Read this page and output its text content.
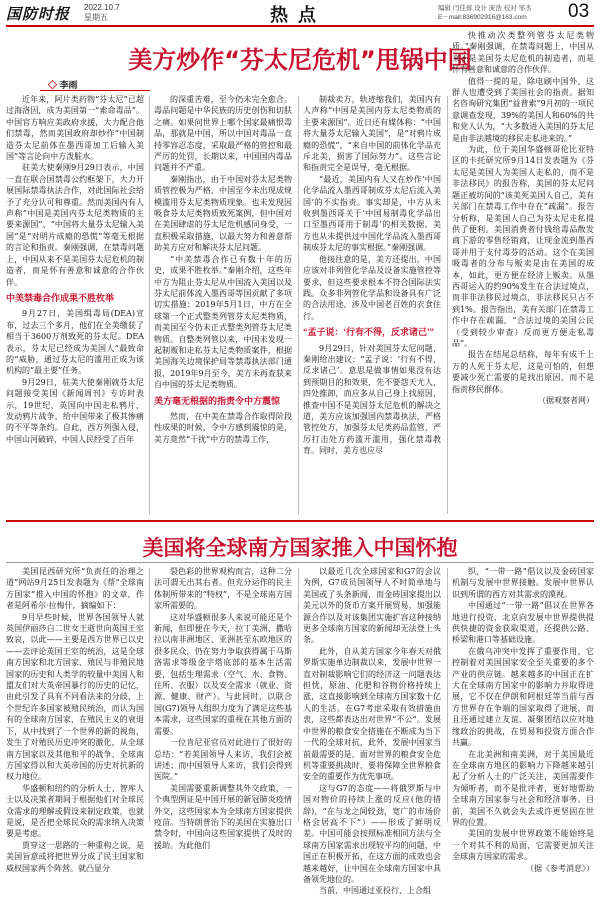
国防时报 2022.10.7
星期五	热点	编辑 闫佳蓉 设计 庞浩 校对 邹杰
E－mail:836902916@163.com 03
美方炒作“芬太尼危机”甩锅中国
◇ 李雨

近年来，阿片类药物“芬太尼”已超过海洛因，成为美国第一“索命毒品”。中国官方响应美政府求援，大力配合他们禁毒，然而美国政府却炒作“中国制造芬太尼前体在墨西哥加工后输入美国”等言论向中方泼脏水。

驻美大使秦刚9月29日表示，中国一直在联合国禁毒公约框架下，大力开展国际禁毒执法合作，对此国际社会给予了充分认可和尊重。然而美国内有人声称“中国是美国内芬太尼类物质的主要来源国”、“中国将大量芬太尼输入美国”是“对明片成瘾的恐慌”等毫无根据的言论和指责。秦刚强调，在禁毒问题上，中国从来不是美国芬太尼危机的制造者，而是怀有善意和诚意的合作伙伴。

中美禁毒合作成果不胜枚举

9月27日，美国缉毒局(DEA)宣布，过去三个多月，他们在全美缴获了相当于3600万剂致死的芬太尼。DEA表示，芬太尼已经成为美国人“最致命的”威胁，通过芬太尼的滥用正成为该机构的“最主要”任务。

9月29日，驻美大使秦刚就芬太尼问题接受美国《新闻周刊》专访时表示，19世纪，英国向中国走私鸦片，发动鸦片战争，给中国带来了极其惨痛的不平等条约。自此，西方列强入侵，中国山河破碎，中国人民经受了百年

的深重苦难，至今仍未完全愈合。毒品问题是中华民族的历史创伤和切肤之痛。如果问世界上哪个国家最痛恨毒品，那就是中国，所以中国对毒品一直持零容忍态度，采取最严格的管控和最严厉的处罚，长期以来，中国国内毒品问题并不严重。

秦刚指出，由于中国对芬太尼类物质管控极为严格，中国至今未出现成规模滥用芬太尼类物质现象。也未发现因吸食芬太尼类物质致死案例，但中国对在美国肆虐的芬太尼危机感同身受，一直积极采取措施，以最大努力和善意帮助美方应对和解决芬太尼问题。

“中美禁毒合作已有数十年的历史，成果不胜枚举。”秦刚介绍，这些年中方为阻止芬太尼从中国流入美国以及芬太尼前体流入墨西哥等国贡献了多项切实措施：2019年5月1日，中方在全球第一个正式整类列管芬太尼类物质，而美国至今仍未正式整类列管芬太尼类物质。自整类列管以来，中国未发现一起制贩和走私芬太尼类物质案件，根据美国海关边境保护局等禁毒执法部门通报，2019年9月至今，美方未再查获来自中国的芬太尼类物质。

美方毫无根据的指责令中方震惊

然而，在中美在禁毒合作取得阶段性成果的时候，令中方感到震惊的是，美方竟然“干扰”中方的禁毒工作，

制裁卖方，轨迹缩我们，美国内有人声称“中国是美国内芬太尼类物质的主要来源国”。近日还有媒体称：“中国将大量芬太尼输入美国”，是“对鸦片成瘾的恐慌”，“来自中国的前体化学品充斥北美，损害了国际努力”。这些言论和指责完全是误导，毫无根据。

“最近，美国内有人又在炒作‘中国化学品流入墨西哥制成芬太尼后流入美国’的不实指责。事实却是，中方从未收到墨西哥关于‘中国易制毒化学品出口至墨西哥用于制毒’的相关数据。美方也从未提供过中国化学品流入墨西哥制成芬太尼的事实根据。”秦刚强调。

他接往意的是，美方还提出，中国应该对非列管化学品及设备实施管控等要求，但这些要求根本不符合国际法实践。众多非列管化学品和设备具有广泛的合法用途，涉及中国老百姓的衣食住行。

“孟子说：‘行有不得，反求诸己’”

9月29日，针对美国芬太尼问题，秦刚给出建议：“孟子说：‘行有不得，反求诸己’。意思是做事情如果没有达到预期目的和效果，先不要怨天尤人，四处推卸，而应多从自己身上找原因，推查中国不是美国芬太尼危机的解决之道，美方应该加强国内禁毒执法，严格管控处方，加强芬太尼类药品监管，严厉打击处方药滥开滥用，强化禁毒教育。同时，美方也应尽

快推动次类整列管芬太尼类物质。”秦刚强调，在禁毒问题上，中国从来不是美国芬太尼危机的制造者，而是怀有善意和诚意的合作伙伴。

值得一提的是，除电刷中国外，这群人也遭受到了美国社会的指责。据知名咨询研究集团“益普索”9月初的一项民意调查发现，39%的美国人和60%的共和党人认为，“大多数进入美国的芬太尼是由非法越境的移民走私进来的。”

为此，位于美国华盛顿哥伦比亚特区的卡托研究所9月14日发表题为《芬太尼是美国人为美国人走私的，而不是非法移民》的报告称，美国的芬太尼问题正被坊间的“该美死美国人自己，美有关部门在禁毒工作中存在“疏漏”。报告分析称，是美国人自己为芬太尼走私提供了便利。美国消费者付钱给毒品散发商下游的零售经销商，让现金流到墨西哥并用于支付毒芬的活动。这个在美国吸毒者的分布与贩卖是由在美国的成本，如此，更方便在经济上贩卖。从墨西哥运入的约90%发生在合法过境点，而非非法移民过境点，非法移民只占不到1%。报告指出，美有关部门在禁毒工作中存在疏漏，“合法过境的美国公民（受到较少审查）反而更方便走私毒品”。

报告在结尾总结称，每年有成千上万的人死于芬太尼，这是可怕的，但想要减少死亡需要的是找出原因，而不是指责移民群体。

（据观察者网）

美国将全球南方国家推入中国怀抱

美国昆西研究所“负责任的治理之道”网站9月25日发表题为《帮“全球南方国家”推入中国的怀抱》的文章，作者是阿希尔·拉梅什，摘编如下：

9月早些时候，世界各国领导人就英国伊丽莎白二世女王逝世向英国王室致哀，以此——主要是西方世界已以史——去评论英国王室的统治，这是全球南方国家和北方国家、殖民与非殖民地国家的历史和人类学的较量中美国人和盟友们对大英帝国暴行的历史的记忆，由此引发了具有不同看法来的分歧，上个世纪许多国家被殖民统治，而认为国有的全球南方国家，在殖民主义的衰退下，从中找到了一个世界的新的视角，发生了对殖民历史冲突的激化，从全球南方国家以及其他和平的战争、全球南方国家得以和大英帝国的历史对抗新的权力地位。

华盛顿和纽约的分析人士、智库人士以及决策者期间于根据他们对全球民众需求的理解或假设来制定政策，也就是说，是否把全球民众的需求纳入决策要是考虑。

贾穿这一思路的一种重构之说，是美国旨意或将把世界分成了民主国家和威权国家两个阵营。就凸显分

裂色彩的世界观构而言，这种二分法可谓无出其右者。但充分运作的民主体制所带来的“特权”，不是全球南方国家所需要的。

这对华盛顿很多人来说可能还是个新闻，但即便在今天，拉丁美洲、撒哈拉以南非洲地区、亚洲甚至东欧地区的很多民众，仍在努力争取获得属于马斯洛需求等级金字塔底部的基本生活需要，包括生理需求（空气、水、食物、住所、衣服）以及安全需求（就业、资源、健康、财产）。与此同时，以联合国(G7)领导人组织力度为了满足这些基本需求，这些国家的重视在其他方面的需要。

一位肯尼亚官员对此进行了很好的总结：“若美国领导人来访，我们会被讲述；而中国领导人来访，我们会得到医院。”

美国需要重新调整其外交政策，一个典型例证是中国开展的新冠肺炎疫情外交，这些国家本为全球南方国家提供疫苗。当特朗普治下的美国在实施出口禁令时，中国向这些国家提供了及时的援助。为此他们

以最近几次全球国家和G7的会议为例，G7成员国领导人不时简单地与美国或了头条新闻，而金砖国家提出以美元以外的货币方案开展贸易，加强能源合作以及对该集团实施扩容这种接纳更多全球南方国家的新闻却无法登上头条。

此外，自从美方国家今年春天对俄罗斯实施单边制裁以来，发展中世界一直对制裁影响它们的经济这一问题表达担忧，原油、化肥和谷物价格持续上涨，这直接影响到全球南方国家数十亿人的生活。在G7考虑采取有效措施由衷，这些都表达出对世界“不公”。发展中世界的粮食安全措施在不断成为当下一代的全球对抗，此外，发展中国家当前最需要的是，面对世界的粮食安全危机等重要挑战时，要将保障全世界粮食安全的重要作为优先事项。

这与G7的态度——将俄罗斯与中国对物价的持续上涨的反应(他的措辞)，“在与龙之间较劲，宽广的市场价格会居高不下”）——形成了鲜明反差。中国可能会按照标准相同方法与全球南方国家需求出现较平均的问题，中国正在积极开拓，在这方面的成效也会越来越好，让中国在全球南方国家中具备领先地位的。

当前，中国通过亚投行、上合组

织，“一带一路”倡议以及金砖国家机制与发展中世界接触。发展中世界认识到所谓的西方对其需求的漠视。

中国通过“一带一路”倡议在世界各地进行投资，北京向发展中世界提供提供快捷的资金获取渠道，还提供公路、桥梁和港口等基础设施。

在俄乌冲突中发挥了重要作用，它控制着对美国国家安全至关重要的多个产业的供应链。越来越多的中国正在扩大在全球南方国家中的影响力并取得进展，它不仅在伊朗和阿根廷等当前与西方世界存在争端的国家取得了进展，而且还通过建立友谊、凝聚团结以应对地缘政治的挑战，在贸易和投资方面合作共赢。

在北美洲和南美洲，对于美国最近在全球南方地区的影响力下降越来越引起了分析人士的广泛关注，美国需要作为倾听者，而不是批评者，更好地帮助全球南方国家参与社会和经济事务。目前，美国不久就会失去或许更坚固在世界的位置。

美国的发展中世界政策不能始终是一个对其不利的局面，它需要更加关注全球南方国家的需求。

（据《参考消息》）
